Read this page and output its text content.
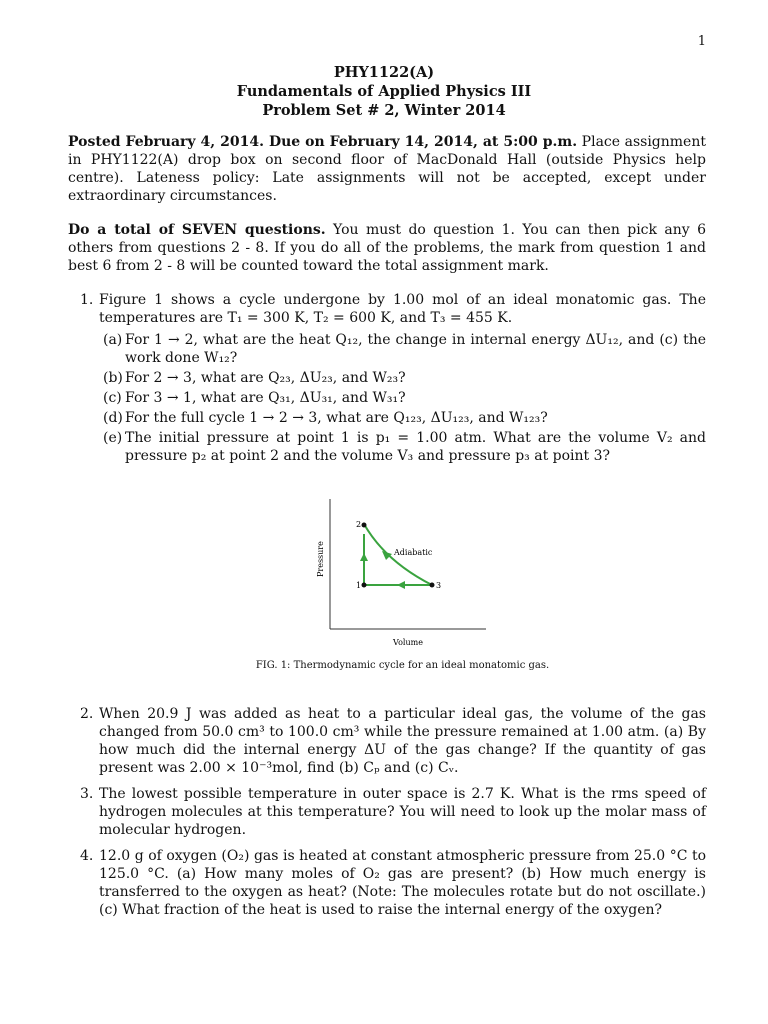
1
PHY1122(A)
Fundamentals of Applied Physics III
Problem Set # 2, Winter 2014

Posted February 4, 2014. Due on February 14, 2014, at 5:00 p.m. Place assignment in PHY1122(A) drop box on second floor of MacDonald Hall (outside Physics help centre). Lateness policy: Late assignments will not be accepted, except under extraordinary circumstances.

Do a total of SEVEN questions. You must do question 1. You can then pick any 6 others from questions 2 - 8. If you do all of the problems, the mark from question 1 and best 6 from 2 - 8 will be counted toward the total assignment mark.

1. Figure 1 shows a cycle undergone by 1.00 mol of an ideal monatomic gas. The temperatures are T₁ = 300 K, T₂ = 600 K, and T₃ = 455 K.
(a) For 1 → 2, what are the heat Q₁₂, the change in internal energy ΔU₁₂, and (c) the work done W₁₂?
(b) For 2 → 3, what are Q₂₃, ΔU₂₃, and W₂₃?
(c) For 3 → 1, what are Q₃₁, ΔU₃₁, and W₃₁?
(d) For the full cycle 1 → 2 → 3, what are Q₁₂₃, ΔU₁₂₃, and W₁₂₃?
(e) The initial pressure at point 1 is p₁ = 1.00 atm. What are the volume V₂ and pressure p₂ at point 2 and the volume V₃ and pressure p₃ at point 3?
Pressure
Volume
1
2
3
Adiabatic
FIG. 1: Thermodynamic cycle for an ideal monatomic gas.
2. When 20.9 J was added as heat to a particular ideal gas, the volume of the gas changed from 50.0 cm³ to 100.0 cm³ while the pressure remained at 1.00 atm. (a) By how much did the internal energy ΔU of the gas change? If the quantity of gas present was 2.00 × 10⁻³mol, find (b) Cₚ and (c) Cᵥ.
3. The lowest possible temperature in outer space is 2.7 K. What is the rms speed of hydrogen molecules at this temperature? You will need to look up the molar mass of molecular hydrogen.
4. 12.0 g of oxygen (O₂) gas is heated at constant atmospheric pressure from 25.0 °C to 125.0 °C. (a) How many moles of O₂ gas are present? (b) How much energy is transferred to the oxygen as heat? (Note: The molecules rotate but do not oscillate.) (c) What fraction of the heat is used to raise the internal energy of the oxygen?
